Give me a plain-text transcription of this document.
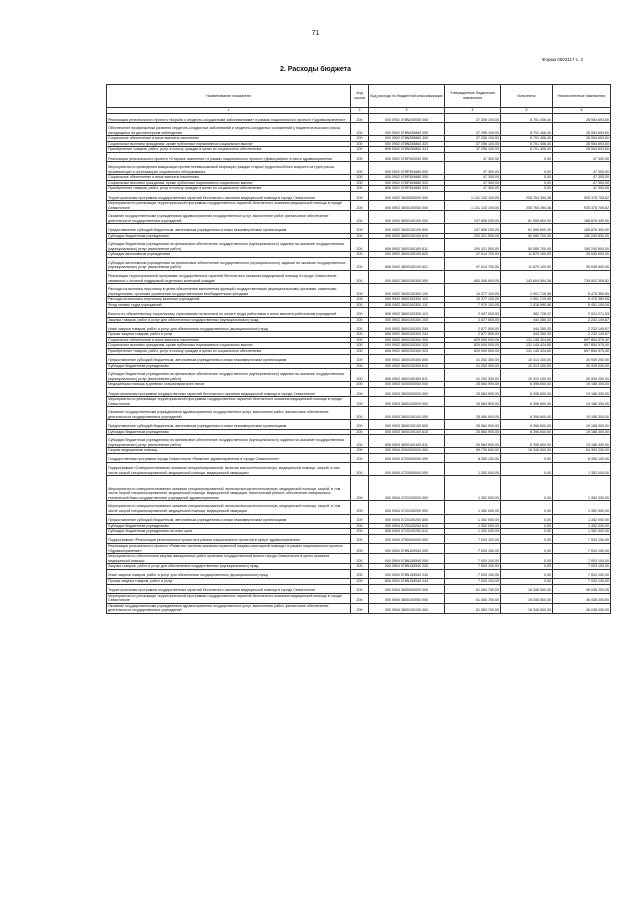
71
Форма 0503117 с. 2
2. Расходы бюджета
Наименование показателя	Код строки	Код расхода по бюджетной классификации	Утвержденные бюджетные назначения	Исполнено	Неисполненные назначения
1	2	3	4	5	6
Реализация регионального проекта «Борьба с сердечно-сосудистыми заболеваниями» в рамках национального проекта «Здравоохранение»	200	000 0902 078N200000 000	37 256 100,00	8 701 406,40	28 554 693,60
Обеспечение профилактики развития сердечно-сосудистых заболеваний и сердечно-сосудистых осложнений у пациентов высокого риска, находящихся на диспансерном наблюдении	200	000 0902 078N255860 000	37 256 100,00	8 701 406,40	28 554 693,60
Социальное обеспечение и иные выплаты населению	200	000 0902 078N255860 300	37 256 100,00	8 701 406,40	28 554 693,60
Социальные выплаты гражданам, кроме публичных нормативных социальных выплат	200	000 0902 078N255860 320	37 256 100,00	8 701 406,40	28 554 693,60
Приобретение товаров, работ, услуг в пользу граждан в целях их социального обеспечения	200	806 0902 078N255860 323	37 256 100,00	8 701 406,40	28 554 693,60
Реализация регионального проекта «Старшее поколение» в рамках национального проекта «Демография» в части здравоохранения	200	000 0902 078P300000 000	47 300,00	0,00	47 300,00
Мероприятия по проведению вакцинации против пневмококковой инфекции граждан старше трудоспособного возраста из групп риска, проживающих в организациях социального обслуживания	200	000 0902 078P354680 000	47 300,00	0,00	47 300,00
Социальное обеспечение и иные выплаты населению	200	000 0902 078P354680 300	47 300,00	0,00	47 300,00
Социальные выплаты гражданам, кроме публичных нормативных социальных выплат	200	000 0902 078P354680 320	47 300,00	0,00	47 300,00
Приобретение товаров, работ, услуг в пользу граждан в целях их социального обеспечения	200	806 0902 078P354680 323	47 300,00	0,00	47 300,00
Территориальная программа государственных гарантий бесплатного оказания медицинской помощи в городе Севастополе	200	000 0902 3600000000 000	1 131 143 100,00	205 764 394,38	925 378 705,62
Мероприятия по реализации территориальной программы государственных гарантий бесплатного оказания медицинской помощи в городе Севастополе	200	000 0902 3600100000 000	1 131 143 100,00	205 764 394,38	925 378 705,62
Оказание государственными учреждениями здравоохранения государственных услуг, выполнение работ, финансовое обеспечение деятельности государственных учреждений	200	000 0902 3600100100 000	247 836 200,00	61 959 800,00	185 876 400,00
Предоставление субсидий бюджетным, автономным учреждениям и иным некоммерческим организациям	200	000 0902 3600100100 600	247 836 200,00	61 959 800,00	185 876 400,00
Субсидии бюджетным учреждениям	200	000 0902 3600100100 610	200 321 500,00	50 080 700,00	150 240 800,00
Субсидии бюджетным учреждениям на финансовое обеспечение государственного (муниципального) задания на оказание государственных (муниципальных) услуг (выполнение работ)	200	806 0902 3600100100 611	200 321 500,00	50 080 700,00	150 240 800,00
Субсидии автономным учреждениям	200	000 0902 3600100100 620	47 514 700,00	11 879 100,00	35 635 600,00
Субсидии автономным учреждениям на финансовое обеспечение государственного (муниципального) задания на оказание государственных (муниципальных) услуг (выполнение работ)	200	806 0902 3600100100 621	47 514 700,00	11 879 100,00	35 635 600,00
Реализация территориальной программы государственных гарантий бесплатного оказания медицинской помощи в городе Севастополе, связанных с оплатой поддержкой отдельных категорий граждан	200	000 0902 3600100300 000	883 306 900,00	143 804 594,38	739 502 305,62
Расходы на выплаты персоналу в целях обеспечения выполнения функций государственными (муниципальными) органами, казенными учреждениями, органами управления государственными внебюджетными фондами	200	000 0902 3600100300 100	10 377 100,00	1 901 719,45	8 475 380,55
Расходы на выплаты персоналу казенных учреждений	200	000 0902 3600100300 110	10 377 100,00	1 901 719,45	8 475 380,55
Фонд оплаты труда учреждений	200	806 0902 3600100300 111	7 970 100,00	1 518 990,96	6 451 109,04
Взносы по обязательному социальному страхованию на выплаты по оплате труда работников и иные выплаты работникам учреждений	200	806 0902 3600100300 119	2 407 000,00	382 728,47	2 024 271,53
Закупка товаров, работ и услуг для обеспечения государственных (муниципальных) нужд	200	000 0902 3600100300 200	2 677 500,00	444 350,33	2 233 149,67
Иные закупки товаров, работ и услуг для обеспечения государственных (муниципальных) нужд	200	000 0902 3600100300 240	2 677 500,00	444 350,33	2 233 149,67
Прочая закупка товаров, работ и услуг	200	806 0902 3600100300 244	2 677 500,00	444 350,33	2 233 149,67
Социальное обеспечение и иные выплаты населению	200	000 0902 3600100300 300	829 000 000,00	131 145 424,60	697 854 575,40
Социальные выплаты гражданам, кроме публичных нормативных социальных выплат	200	000 0902 3600100300 320	829 000 000,00	131 145 424,60	697 854 575,40
Приобретение товаров, работ, услуг в пользу граждан в целях их социального обеспечения	200	806 0902 3600100300 323	829 000 000,00	131 145 424,60	697 854 575,40
Предоставление субсидий бюджетным, автономным учреждениям и иным некоммерческим организациям	200	000 0902 3600100300 600	41 252 300,00	10 313 100,00	30 939 200,00
Субсидии бюджетным учреждениям	200	000 0902 3600100300 610	41 252 300,00	10 313 100,00	30 939 200,00
Субсидии бюджетным учреждениям на финансовое обеспечение государственного (муниципального) задания на оказание государственных (муниципальных) услуг (выполнение работ)	200	806 0902 3600100300 611	41 252 300,00	10 313 100,00	30 939 200,00
Медицинская помощь в дневных стационарах всех типов	200	000 0903 0000000000 000	25 584 900,00	6 396 600,00	19 188 300,00
Территориальная программа государственных гарантий бесплатного оказания медицинской помощи в городе Севастополе	200	000 0903 3600000000 000	25 584 900,00	6 396 600,00	19 188 300,00
Мероприятия по реализации территориальной программы государственных гарантий бесплатного оказания медицинской помощи в городе Севастополе	200	000 0903 3600100000 000	25 584 900,00	6 396 600,00	19 188 300,00
Оказание государственными учреждениями здравоохранения государственных услуг, выполнение работ, финансовое обеспечение деятельности государственных учреждений	200	000 0903 3600100100 000	25 584 900,00	6 396 600,00	19 188 300,00
Предоставление субсидий бюджетным, автономным учреждениям и иным некоммерческим организациям	200	000 0903 3600100100 600	25 584 900,00	6 396 600,00	19 188 300,00
Субсидии бюджетным учреждениям	200	000 0903 3600100100 610	25 584 900,00	6 396 600,00	19 188 300,00
Субсидии бюджетным учреждениям на финансовое обеспечение государственного (муниципального) задания на оказание государственных (муниципальных) услуг (выполнение работ)	200	806 0903 3600100100 611	25 584 900,00	6 396 600,00	19 188 300,00
Скорая медицинская помощь	200	000 0904 0000000000 000	69 739 800,00	15 346 500,00	54 393 300,00
Государственная программа города Севастополя «Развитие здравоохранения в городе Севастополе»	200	000 0904 0700000000 000	8 355 100,00	0,00	8 355 100,00
Подпрограмма «Совершенствование оказания специализированной, включая высокотехнологичную, медицинской помощи, скорой, в том числе скорой специализированной, медицинской помощи, медицинской эвакуации»	200	000 0904 0720000000 000	1 352 000,00	0,00	1 352 000,00
Мероприятия по совершенствованию оказания специализированной, включая высокотехнологичную, медицинской помощи, скорой, в том числе скорой специализированной, медицинской помощи, медицинской эвакуации. Капитальный ремонт, обеспечение материально-технической базы государственных учреждений здравоохранения	200	000 0904 0720100000 000	1 352 000,00	0,00	1 352 000,00
Мероприятия по совершенствованию оказания специализированной, включая высокотехнологичную, медицинской помощи, скорой, в том числе скорой специализированной, медицинской помощи, медицинской эвакуации	200	000 0904 0720100200 000	1 352 000,00	0,00	1 352 000,00
Предоставление субсидий бюджетным, автономным учреждениям и иным некоммерческим организациям	200	000 0904 0720100200 600	1 352 000,00	0,00	1 352 000,00
Субсидии бюджетным учреждениям	200	000 0904 0720100200 610	1 352 000,00	0,00	1 352 000,00
Субсидии бюджетным учреждениям на иные цели	200	806 0904 0720100200 612	1 352 000,00	0,00	1 352 000,00
Подпрограмма «Реализация региональных проектов в рамках национальных проектов в сфере здравоохранения»	200	000 0904 0780000000 000	7 003 100,00	0,00	7 003 100,00
Реализация регионального проекта «Развитие системы оказания первичной медико-санитарной помощи» в рамках национального проекта «Здравоохранение»	200	000 0904 078N100000 000	7 003 100,00	0,00	7 003 100,00
Мероприятия по обеспечению закупки авиационных работ органами государственной власти города Севастополя в целях оказания медицинской помощи	200	000 0904 078N155540 000	7 003 100,00	0,00	7 003 100,00
Закупка товаров, работ и услуг для обеспечения государственных (муниципальных) нужд	200	000 0904 078N155540 200	7 003 100,00	0,00	7 003 100,00
Иные закупки товаров, работ и услуг для обеспечения государственных (муниципальных) нужд	200	000 0904 078N155540 240	7 003 100,00	0,00	7 003 100,00
Прочая закупка товаров, работ и услуг	200	806 0904 078N155540 244	7 003 100,00	0,00	7 003 100,00
Территориальная программа государственных гарантий бесплатного оказания медицинской помощи в городе Севастополе	200	000 0904 3600000000 000	61 384 700,00	15 346 500,00	46 038 200,00
Мероприятия по реализации территориальной программы государственных гарантий бесплатного оказания медицинской помощи в городе Севастополе	200	000 0904 3600100000 000	61 384 700,00	15 346 500,00	46 038 200,00
Оказание государственными учреждениями здравоохранения государственных услуг, выполнение работ, финансовое обеспечение деятельности государственных учреждений	200	000 0904 3600100100 000	61 384 700,00	15 346 500,00	46 038 200,00
